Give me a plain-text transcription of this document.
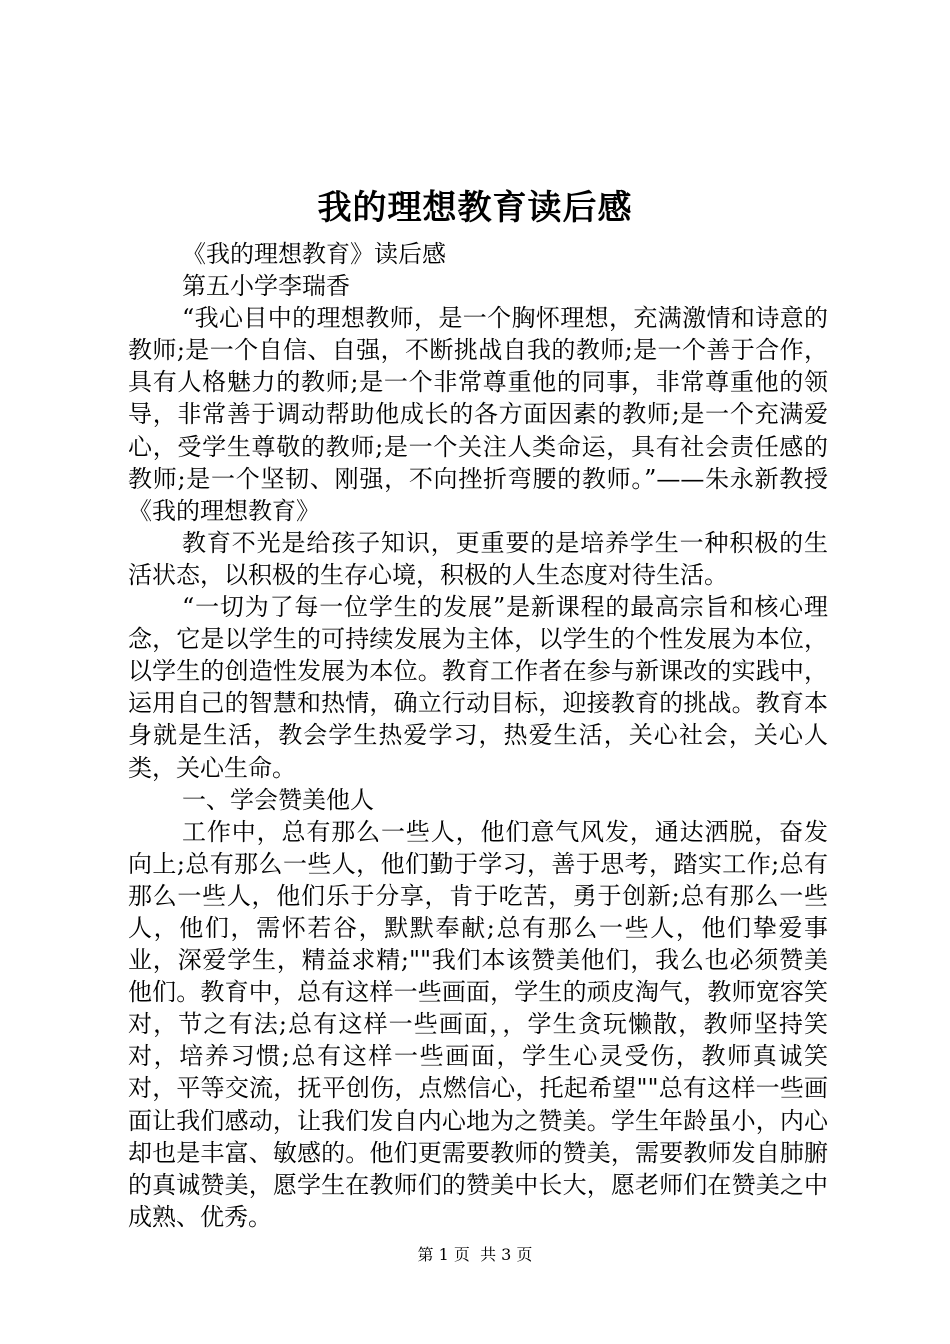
我的理想教育读后感

《我的理想教育》读后感

第五小学李瑞香

“我心目中的理想教师，是一个胸怀理想，充满激情和诗意的教师;是一个自信、自强，不断挑战自我的教师;是一个善于合作，具有人格魅力的教师;是一个非常尊重他的同事，非常尊重他的领导，非常善于调动帮助他成长的各方面因素的教师;是一个充满爱心，受学生尊敬的教师;是一个关注人类命运，具有社会责任感的教师;是一个坚韧、刚强，不向挫折弯腰的教师。”——朱永新教授《我的理想教育》

教育不光是给孩子知识，更重要的是培养学生一种积极的生活状态，以积极的生存心境，积极的人生态度对待生活。

“一切为了每一位学生的发展”是新课程的最高宗旨和核心理念，它是以学生的可持续发展为主体，以学生的个性发展为本位，以学生的创造性发展为本位。教育工作者在参与新课改的实践中，运用自己的智慧和热情，确立行动目标，迎接教育的挑战。教育本身就是生活，教会学生热爱学习，热爱生活，关心社会，关心人类，关心生命。

一、学会赞美他人

工作中，总有那么一些人，他们意气风发，通达洒脱，奋发向上;总有那么一些人，他们勤于学习，善于思考，踏实工作;总有那么一些人，他们乐于分享，肯于吃苦，勇于创新;总有那么一些人，他们，需怀若谷，默默奉献;总有那么一些人，他们挚爱事业，深爱学生，精益求精;""我们本该赞美他们，我么也必须赞美他们。教育中，总有这样一些画面，学生的顽皮淘气，教师宽容笑对，节之有法;总有这样一些画面，，学生贪玩懒散，教师坚持笑对，培养习惯;总有这样一些画面，学生心灵受伤，教师真诚笑对，平等交流，抚平创伤，点燃信心，托起希望""总有这样一些画面让我们感动，让我们发自内心地为之赞美。学生年龄虽小，内心却也是丰富、敏感的。他们更需要教师的赞美，需要教师发自肺腑的真诚赞美，愿学生在教师们的赞美中长大，愿老师们在赞美之中成熟、优秀。

第 1 页  共 3 页
